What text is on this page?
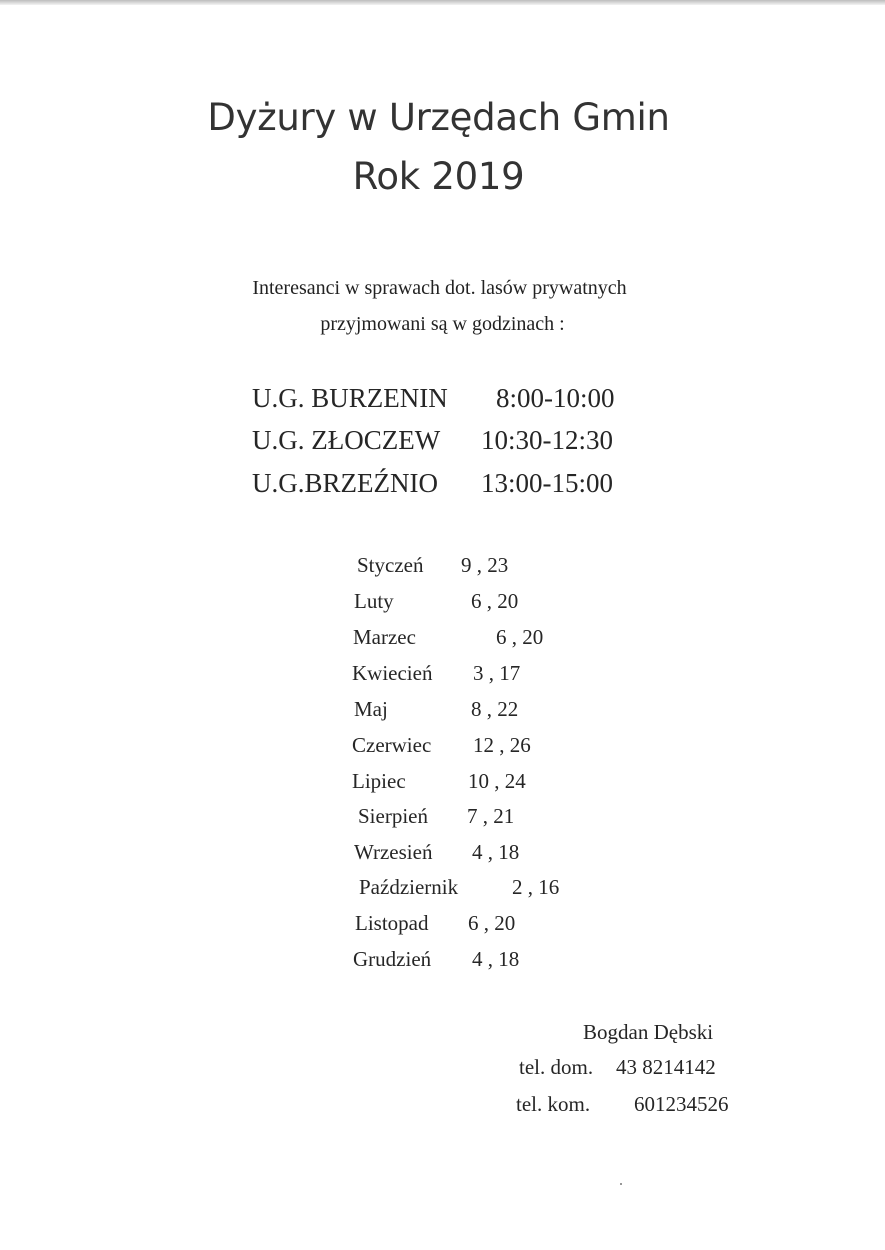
Dyżury w Urzędach Gmin
Rok 2019
Interesanci w sprawach dot. lasów prywatnych
przyjmowani są w godzinach :
U.G. BURZENIN 8:00-10:00
U.G. ZŁOCZEW 10:30-12:30
U.G.BRZEŹNIO 13:00-15:00
Styczeń 9 , 23
Luty	6 , 20
Marzec	6 , 20
Kwiecień 3 , 17
Maj	8 , 22
Czerwiec 12 , 26
Lipiec	10 , 24
Sierpień 7 , 21
Wrzesień 4 , 18
Październik	2 , 16
Listopad 6 , 20
Grudzień 4 , 18
Bogdan Dębski
tel. dom. 43 8214142
tel. kom. 601234526
